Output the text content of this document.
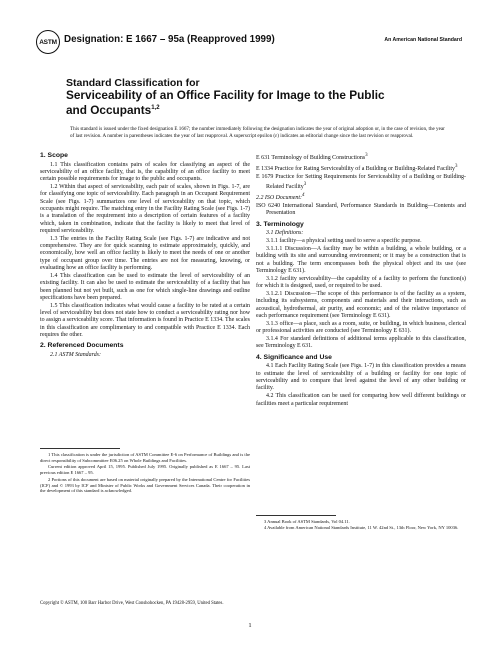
ASTM Designation: E 1667 – 95a (Reapproved 1999)	An American National Standard
Standard Classification for
Serviceability of an Office Facility for Image to the Public
and Occupants$^{1,2}$
This standard is issued under the fixed designation E 1667; the number immediately following the designation indicates the year of original adoption or, in the case of revision, the year of last revision. A number in parentheses indicates the year of last reapproval. A superscript epsilon (ε) indicates an editorial change since the last revision or reapproval.
1. Scope

1.1 This classification contains pairs of scales for classifying an aspect of the serviceability of an office facility, that is, the capability of an office facility to meet certain possible requirements for image to the public and occupants.

1.2 Within that aspect of serviceability, each pair of scales, shown in Figs. 1-7, are for classifying one topic of serviceability. Each paragraph in an Occupant Requirement Scale (see Figs. 1-7) summarizes one level of serviceability on that topic, which occupants might require. The matching entry in the Facility Rating Scale (see Figs. 1-7) is a translation of the requirement into a description of certain features of a facility which, taken in combination, indicate that the facility is likely to meet that level of required serviceability.

1.3 The entries in the Facility Rating Scale (see Figs. 1-7) are indicative and not comprehensive. They are for quick scanning to estimate approximately, quickly, and economically, how well an office facility is likely to meet the needs of one or another type of occupant group over time. The entries are not for measuring, knowing, or evaluating how an office facility is performing.

1.4 This classification can be used to estimate the level of serviceability of an existing facility. It can also be used to estimate the serviceability of a facility that has been planned but not yet built, such as one for which single-line drawings and outline specifications have been prepared.

1.5 This classification indicates what would cause a facility to be rated at a certain level of serviceability but does not state how to conduct a serviceability rating nor how to assign a serviceability score. That information is found in Practice E 1334. The scales in this classification are complimentary to and compatible with Practice E 1334. Each requires the other.

2. Referenced Documents

2.1 ASTM Standards:

E 631 Terminology of Building Constructions$^3$

E 1334 Practice for Rating Serviceability of a Building or Building-Related Facility$^3$

E 1679 Practice for Setting Requirements for Serviceability of a Building or Building-Related Facility$^3$

2.2 ISO Document:$^4$

ISO 6240 International Standard, Performance Standards in Building—Contents and Presentation

3. Terminology

3.1 Definitions:

3.1.1 facility—a physical setting used to serve a specific purpose.

3.1.1.1 Discussion—A facility may be within a building, a whole building, or a building with its site and surrounding environment; or it may be a construction that is not a building. The term encompasses both the physical object and its use (see Terminology E 631).

3.1.2 facility serviceability—the capability of a facility to perform the function(s) for which it is designed, used, or required to be used.

3.1.2.1 Discussion—The scope of this performance is of the facility as a system, including its subsystems, components and materials and their interactions, such as acoustical, hydrothermal, air purity, and economic; and of the relative importance of each performance requirement (see Terminology E 631).

3.1.3 office—a place, such as a room, suite, or building, in which business, clerical or professional activities are conducted (see Terminology E 631).

3.1.4 For standard definitions of additional terms applicable to this classification, see Terminology E 631.

4. Significance and Use

4.1 Each Facility Rating Scale (see Figs. 1-7) in this classification provides a means to estimate the level of serviceability of a building or facility for one topic of serviceability and to compare that level against the level of any other building or facility.

4.2 This classification can be used for comparing how well different buildings or facilities meet a particular requirement

1 This classification is under the jurisdiction of ASTM Committee E-6 on Performance of Buildings and is the direct responsibility of Subcommittee E06.25 on Whole Buildings and Facilities.

Current edition approved April 15, 1995. Published July 1995. Originally published as E 1667 – 95. Last previous edition E 1667 – 95.

2 Portions of this document are based on material originally prepared by the International Centre for Facilities (ICF) and © 1993 by ICF and Minister of Public Works and Government Services Canada. Their cooperation in the development of this standard is acknowledged.

3 Annual Book of ASTM Standards, Vol 04.11.

4 Available from American National Standards Institute, 11 W. 42nd St., 13th Floor, New York, NY 10036.

Copyright © ASTM, 100 Barr Harbor Drive, West Conshohocken, PA 19428-2959, United States.
1
